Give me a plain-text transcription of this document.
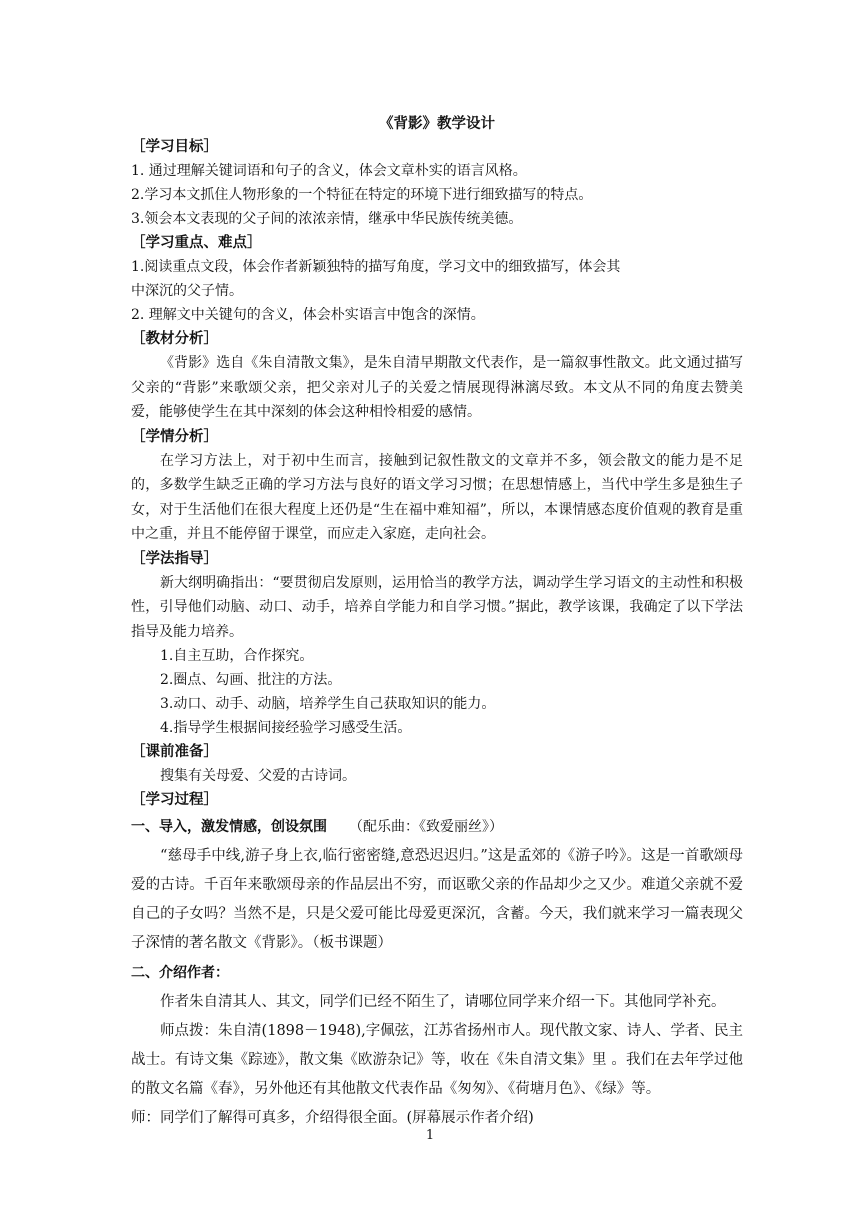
《背影》教学设计
［学习目标］
1. 通过理解关键词语和句子的含义，体会文章朴实的语言风格。
2.学习本文抓住人物形象的一个特征在特定的环境下进行细致描写的特点。
3.领会本文表现的父子间的浓浓亲情，继承中华民族传统美德。
［学习重点、难点］
1.阅读重点文段，体会作者新颖独特的描写角度，学习文中的细致描写，体会其
中深沉的父子情。
2. 理解文中关键句的含义，体会朴实语言中饱含的深情。
［教材分析］
《背影》选自《朱自清散文集》，是朱自清早期散文代表作，是一篇叙事性散文。此文通过描写父亲的“背影”来歌颂父亲，把父亲对儿子的关爱之情展现得淋漓尽致。本文从不同的角度去赞美爱，能够使学生在其中深刻的体会这种相怜相爱的感情。
［学情分析］
在学习方法上，对于初中生而言，接触到记叙性散文的文章并不多，领会散文的能力是不足的，多数学生缺乏正确的学习方法与良好的语文学习习惯；在思想情感上，当代中学生多是独生子女，对于生活他们在很大程度上还仍是“生在福中难知福”，所以，本课情感态度价值观的教育是重中之重，并且不能停留于课堂，而应走入家庭，走向社会。
［学法指导］
新大纲明确指出：“要贯彻启发原则，运用恰当的教学方法，调动学生学习语文的主动性和积极性，引导他们动脑、动口、动手，培养自学能力和自学习惯。”据此，教学该课，我确定了以下学法指导及能力培养。
1.自主互助，合作探究。
2.圈点、勾画、批注的方法。
3.动口、动手、动脑，培养学生自己获取知识的能力。
4.指导学生根据间接经验学习感受生活。
［课前准备］
搜集有关母爱、父爱的古诗词。
［学习过程］
一、导入，激发情感，创设氛围 （配乐曲：《致爱丽丝》）
“慈母手中线,游子身上衣,临行密密缝,意恐迟迟归。”这是孟郊的《游子吟》。这是一首歌颂母爱的古诗。千百年来歌颂母亲的作品层出不穷，而讴歌父亲的作品却少之又少。难道父亲就不爱自己的子女吗？当然不是，只是父爱可能比母爱更深沉，含蓄。今天，我们就来学习一篇表现父子深情的著名散文《背影》。（板书课题）
二、介绍作者：
作者朱自清其人、其文，同学们已经不陌生了，请哪位同学来介绍一下。其他同学补充。
师点拨：朱自清(1898－1948),字佩弦，江苏省扬州市人。现代散文家、诗人、学者、民主战士。有诗文集《踪迹》，散文集《欧游杂记》等，收在《朱自清文集》里 。我们在去年学过他的散文名篇《春》，另外他还有其他散文代表作品《匆匆》、《荷塘月色》、《绿》等。
师：同学们了解得可真多，介绍得很全面。(屏幕展示作者介绍)
1
